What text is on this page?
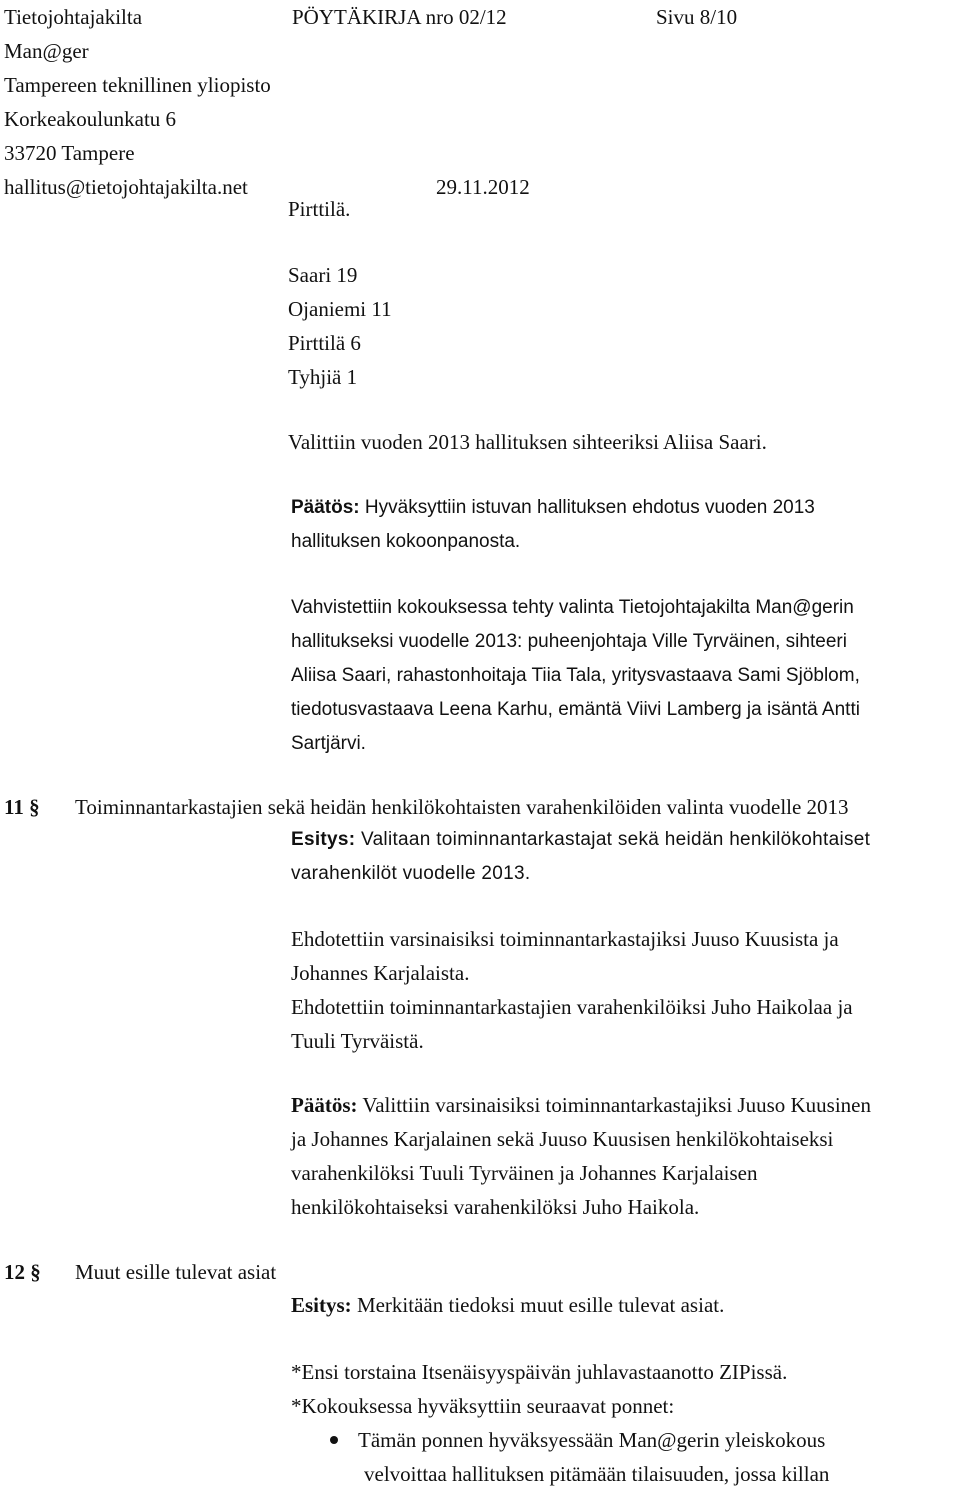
Tietojohtajakilta	PÖYTÄKIRJA nro 02/12	Sivu 8/10
Man@ger
Tampereen teknillinen yliopisto
Korkeakoulunkatu 6
33720 Tampere
hallitus@tietojohtajakilta.net	29.11.2012
Pirttilä.
Saari 19
Ojaniemi 11
Pirttilä 6
Tyhjiä 1
Valittiin vuoden 2013 hallituksen sihteeriksi Aliisa Saari.
Päätös: Hyväksyttiin istuvan hallituksen ehdotus vuoden 2013
hallituksen kokoonpanosta.
Vahvistettiin kokouksessa tehty valinta Tietojohtajakilta Man@gerin
hallitukseksi vuodelle 2013: puheenjohtaja Ville Tyrväinen, sihteeri
Aliisa Saari, rahastonhoitaja Tiia Tala, yritysvastaava Sami Sjöblom,
tiedotusvastaava Leena Karhu, emäntä Viivi Lamberg ja isäntä Antti
Sartjärvi.
11 § Toiminnantarkastajien sekä heidän henkilökohtaisten varahenkilöiden valinta vuodelle 2013
Esitys: Valitaan toiminnantarkastajat sekä heidän henkilökohtaiset
varahenkilöt vuodelle 2013.
Ehdotettiin varsinaisiksi toiminnantarkastajiksi Juuso Kuusista ja
Johannes Karjalaista.
Ehdotettiin toiminnantarkastajien varahenkilöiksi Juho Haikolaa ja
Tuuli Tyrväistä.
Päätös: Valittiin varsinaisiksi toiminnantarkastajiksi Juuso Kuusinen
ja Johannes Karjalainen sekä Juuso Kuusisen henkilökohtaiseksi
varahenkilöksi Tuuli Tyrväinen ja Johannes Karjalaisen
henkilökohtaiseksi varahenkilöksi Juho Haikola.
12 § Muut esille tulevat asiat
Esitys: Merkitään tiedoksi muut esille tulevat asiat.
*Ensi torstaina Itsenäisyyspäivän juhlavastaanotto ZIPissä.
*Kokouksessa hyväksyttiin seuraavat ponnet:
Tämän ponnen hyväksyessään Man@gerin yleiskokous
velvoittaa hallituksen pitämään tilaisuuden, jossa killan
